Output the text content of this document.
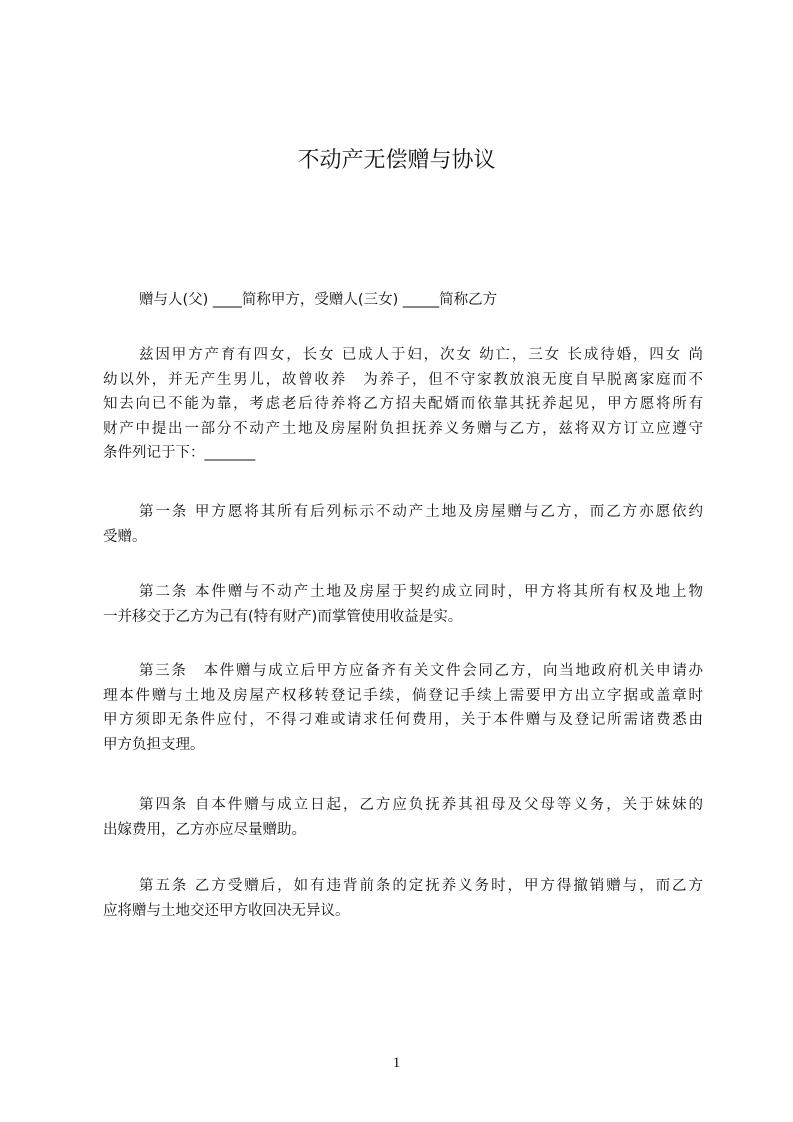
不动产无偿赠与协议
赠与人(父) ____简称甲方，受赠人(三女) _____简称乙方
兹因甲方产育有四女，长女 已成人于妇，次女 幼亡，三女 长成待婚，四女 尚
幼以外，并无产生男儿，故曾收养　为养子，但不守家教放浪无度自早脱离家庭而不
知去向已不能为靠，考虑老后待养将乙方招夫配婿而依靠其抚养起见，甲方愿将所有
财产中提出一部分不动产土地及房屋附负担抚养义务赠与乙方，兹将双方订立应遵守
条件列记于下：_______
第一条 甲方愿将其所有后列标示不动产土地及房屋赠与乙方，而乙方亦愿依约
受赠。
第二条 本件赠与不动产土地及房屋于契约成立同时，甲方将其所有权及地上物
一并移交于乙方为己有(特有财产)而掌管使用收益是实。
第三条　本件赠与成立后甲方应备齐有关文件会同乙方，向当地政府机关申请办
理本件赠与土地及房屋产权移转登记手续，倘登记手续上需要甲方出立字据或盖章时
甲方须即无条件应付，不得刁难或请求任何费用，关于本件赠与及登记所需诸费悉由
甲方负担支理。
第四条 自本件赠与成立日起，乙方应负抚养其祖母及父母等义务，关于妹妹的
出嫁费用，乙方亦应尽量赠助。
第五条 乙方受赠后，如有违背前条的定抚养义务时，甲方得撤销赠与，而乙方
应将赠与土地交还甲方收回决无异议。
1
